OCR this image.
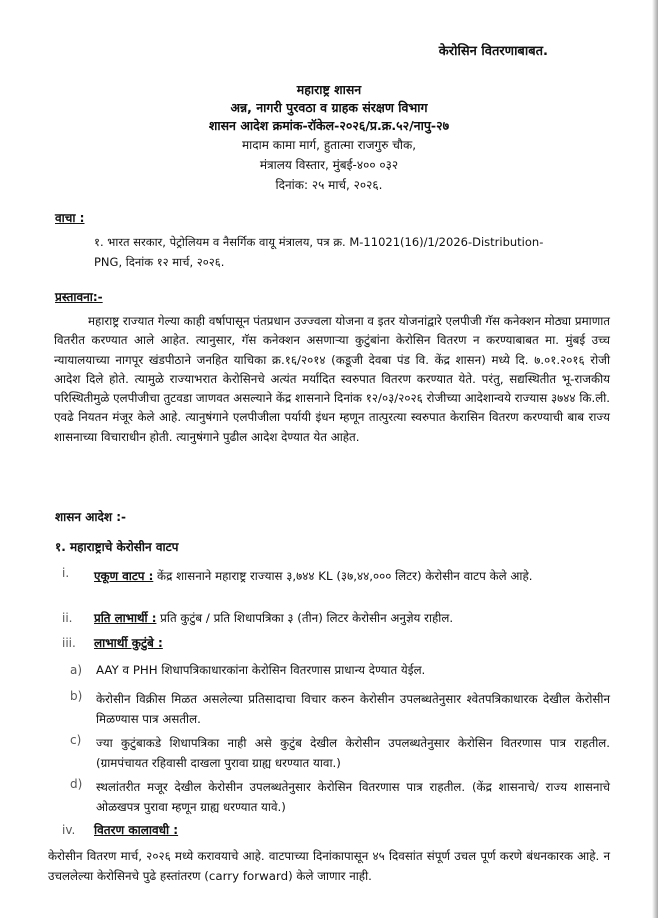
केरोसिन वितरणाबाबत.
महाराष्ट्र शासन
अन्न, नागरी पुरवठा व ग्राहक संरक्षण विभाग
शासन आदेश क्रमांक-रॉकेल-२०२६/प्र.क्र.५२/नापु-२७
मादाम कामा मार्ग, हुतात्मा राजगुरु चौक,
मंत्रालय विस्तार, मुंबई-४०० ०३२
दिनांक: २५ मार्च, २०२६.
वाचा :
१. भारत सरकार, पेट्रोलियम व नैसर्गिक वायू मंत्रालय, पत्र क्र. M-11021(16)/1/2026-Distribution-
PNG, दिनांक १२ मार्च, २०२६.
प्रस्तावना:-
महाराष्ट्र राज्यात गेल्या काही वर्षापासून पंतप्रधान उज्ज्वला योजना व इतर योजनांद्वारे एलपीजी गॅस कनेक्शन मोठ्या प्रमाणात वितरीत करण्यात आले आहेत. त्यानुसार, गॅस कनेक्शन असणाऱ्या कुटुंबांना केरोसिन वितरण न करण्याबाबत मा. मुंबई उच्च न्यायालयाच्या नागपूर खंडपीठाने जनहित याचिका क्र.१६/२०१४ (कडूजी देवबा पंड वि. केंद्र शासन) मध्ये दि. ७.०१.२०१६ रोजी आदेश दिले होते. त्यामुळे राज्याभरात केरोसिनचे अत्यंत मर्यादित स्वरुपात वितरण करण्यात येते. परंतु, सद्यस्थितीत भू-राजकीय परिस्थितीमुळे एलपीजीचा तुटवडा जाणवत असल्याने केंद्र शासनाने दिनांक १२/०३/२०२६ रोजीच्या आदेशान्वये राज्यास ३७४४ कि.ली. एवढे नियतन मंजूर केले आहे. त्यानुषंगाने एलपीजीला पर्यायी इंधन म्हणून तात्पुरत्या स्वरुपात केरासिन वितरण करण्याची बाब राज्य शासनाच्या विचाराधीन होती. त्यानुषंगाने पुढील आदेश देण्यात येत आहेत.
शासन आदेश :-
१. महाराष्ट्राचे केरोसीन वाटप
i. एकूण वाटप : केंद्र शासनाने महाराष्ट्र राज्यास ३,७४४ KL (३७,४४,००० लिटर) केरोसीन वाटप केले आहे.
ii. प्रति लाभार्थी : प्रति कुटुंब / प्रति शिधापत्रिका ३ (तीन) लिटर केरोसीन अनुज्ञेय राहील.
iii. लाभार्थी कुटुंबे :
a) AAY व PHH शिधापत्रिकाधारकांना केरोसिन वितरणास प्राधान्य देण्यात येईल.
b) केरोसीन विक्रीस मिळत असलेल्या प्रतिसादाचा विचार करुन केरोसीन उपलब्धतेनुसार श्वेतपत्रिकाधारक देखील केरोसीन मिळण्यास पात्र असतील.
c) ज्या कुटुंबाकडे शिधापत्रिका नाही असे कुटुंब देखील केरोसीन उपलब्धतेनुसार केरोसिन वितरणास पात्र राहतील. (ग्रामपंचायत रहिवासी दाखला पुरावा ग्राह्य धरण्यात यावा.)
d) स्थलांतरीत मजूर देखील केरोसीन उपलब्धतेनुसार केरोसिन वितरणास पात्र राहतील. (केंद्र शासनाचे/ राज्य शासनाचे ओळखपत्र पुरावा म्हणून ग्राह्य धरण्यात यावे.)
iv. वितरण कालावधी :
केरोसीन वितरण मार्च, २०२६ मध्ये करावयाचे आहे. वाटपाच्या दिनांकापासून ४५ दिवसांत संपूर्ण उचल पूर्ण करणे बंधनकारक आहे. न उचललेल्या केरोसिनचे पुढे हस्तांतरण (carry forward) केले जाणार नाही.
